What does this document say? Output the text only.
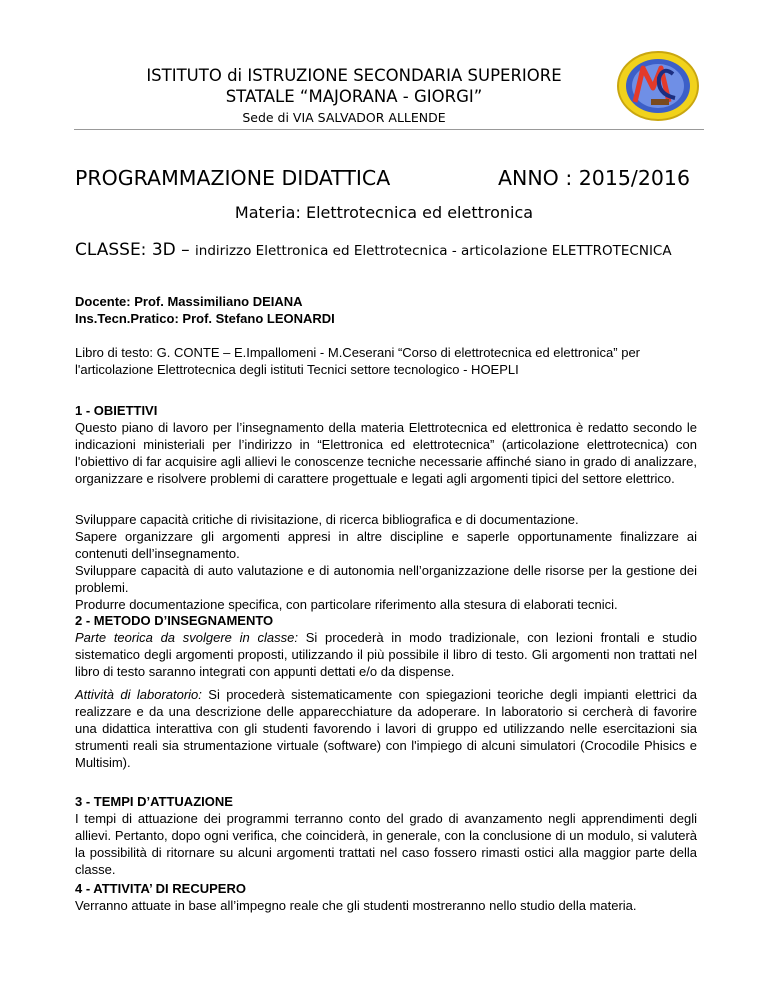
ISTITUTO di ISTRUZIONE SECONDARIA SUPERIORE
STATALE “MAJORANA - GIORGI”
Sede di VIA SALVADOR ALLENDE
PROGRAMMAZIONE DIDATTICA	ANNO : 2015/2016
Materia: Elettrotecnica ed elettronica
CLASSE: 3D – indirizzo Elettronica ed Elettrotecnica - articolazione ELETTROTECNICA

Docente: Prof. Massimiliano DEIANA

Ins.Tecn.Pratico: Prof. Stefano LEONARDI

Libro di testo: G. CONTE – E.Impallomeni - M.Ceserani “Corso di elettrotecnica ed elettronica” per l'articolazione Elettrotecnica degli istituti Tecnici settore tecnologico - HOEPLI

1 - OBIETTIVI

Questo piano di lavoro per l’insegnamento della materia Elettrotecnica ed elettronica è redatto secondo le indicazioni ministeriali per l’indirizzo in “Elettronica ed elettrotecnica” (articolazione elettrotecnica) con l'obiettivo di far acquisire agli allievi le conoscenze tecniche necessarie affinché siano in grado di analizzare, organizzare e risolvere problemi di carattere progettuale e legati agli argomenti tipici del settore elettrico.

Sviluppare capacità critiche di rivisitazione, di ricerca bibliografica e di documentazione.

Sapere organizzare gli argomenti appresi in altre discipline e saperle opportunamente finalizzare ai contenuti dell’insegnamento.

Sviluppare capacità di auto valutazione e di autonomia nell’organizzazione delle risorse per la gestione dei problemi.

Produrre documentazione specifica, con particolare riferimento alla stesura di elaborati tecnici.

2 - METODO D’INSEGNAMENTO

Parte teorica da svolgere in classe: Si procederà in modo tradizionale, con lezioni frontali e studio sistematico degli argomenti proposti, utilizzando il più possibile il libro di testo. Gli argomenti non trattati nel libro di testo saranno integrati con appunti dettati e/o da dispense.

Attività di laboratorio: Si procederà sistematicamente con spiegazioni teoriche degli impianti elettrici da realizzare e da una descrizione delle apparecchiature da adoperare. In laboratorio si cercherà di favorire una didattica interattiva con gli studenti favorendo i lavori di gruppo ed utilizzando nelle esercitazioni sia strumenti reali sia strumentazione virtuale (software) con l'impiego di alcuni simulatori (Crocodile Phisics e Multisim).

3 - TEMPI D’ATTUAZIONE

I tempi di attuazione dei programmi terranno conto del grado di avanzamento negli apprendimenti degli allievi. Pertanto, dopo ogni verifica, che coinciderà, in generale, con la conclusione di un modulo, si valuterà la possibilità di ritornare su alcuni argomenti trattati nel caso fossero rimasti ostici alla maggior parte della classe.

4 - ATTIVITA’ DI RECUPERO

Verranno attuate in base all’impegno reale che gli studenti mostreranno nello studio della materia.
